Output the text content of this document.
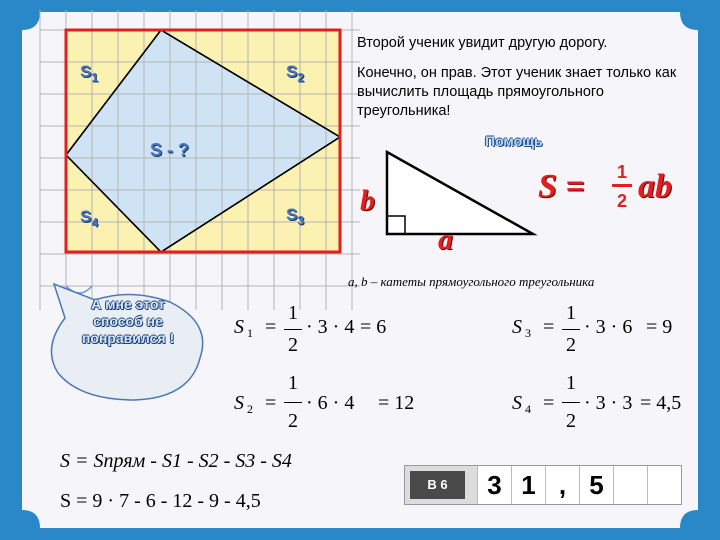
$S_1$	$S_2$
$S_3$
$S_4$
S - ?
Второй ученик увидит другую дорогу.
Конечно, он прав. Этот ученик знает только как вычислить площадь прямоугольного треугольника!
Помощь
b
a
S =	1
2 ab
a, b – катеты прямоугольного треугольника
А мне этот способ не понравился !	S 1 =
1
2
· 3 · 4 = 6
S 2 =
1
2
· 6 · 4 = 12
S 3 =
1
2
· 3 · 6 = 9
S 4 =
1
2
· 3 · 3 = 4,5
S = Sпрям - S1 - S2 - S3 - S4
S = 9 · 7 - 6 - 12 - 9 - 4,5
В 6	3 1 , 5
